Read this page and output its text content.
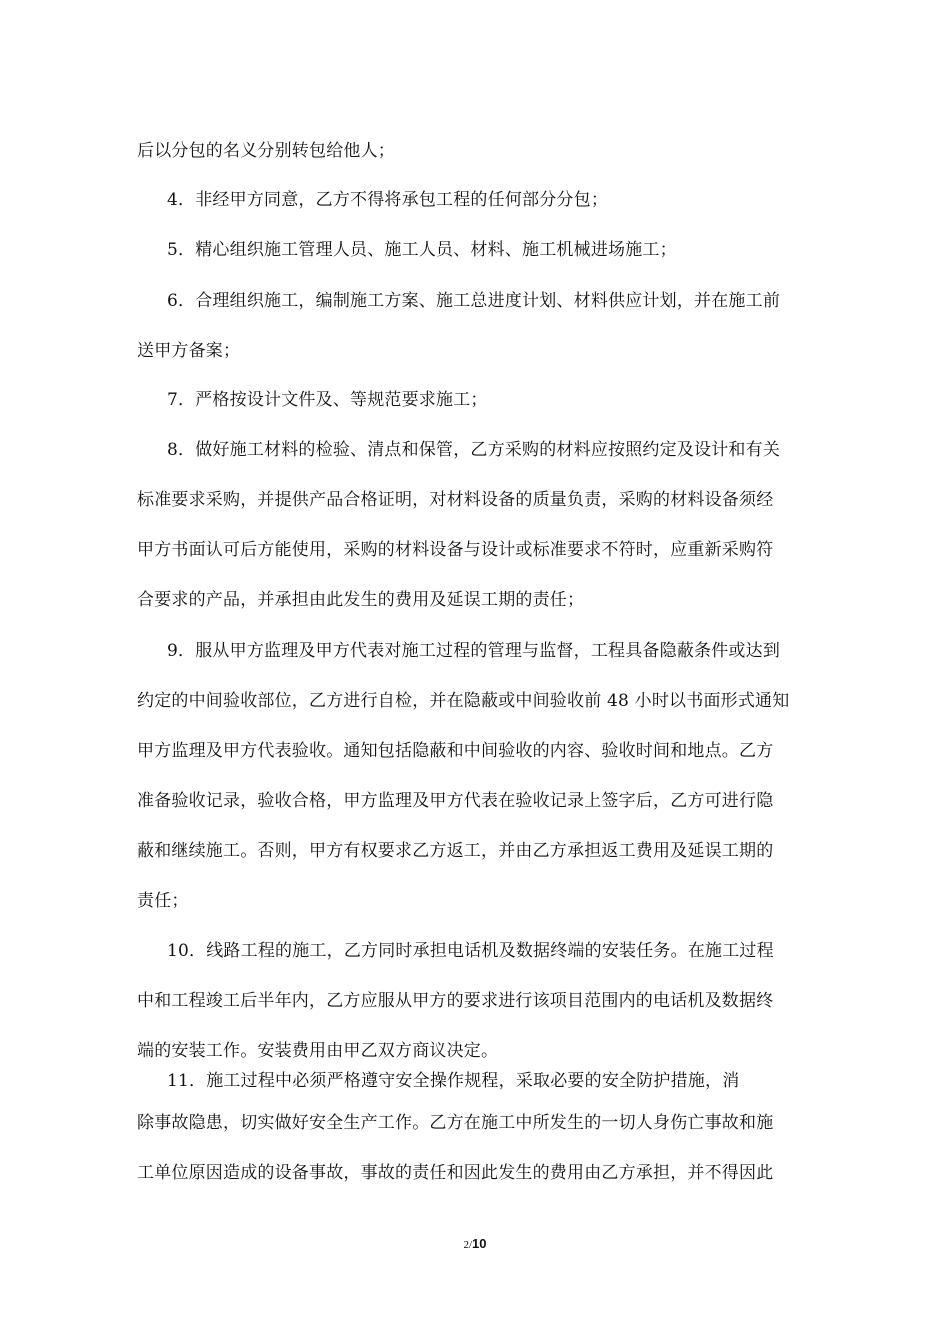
后以分包的名义分别转包给他人；

4．非经甲方同意，乙方不得将承包工程的任何部分分包；

5．精心组织施工管理人员、施工人员、材料、施工机械进场施工；

6．合理组织施工，编制施工方案、施工总进度计划、材料供应计划，并在施工前

送甲方备案；

7．严格按设计文件及、等规范要求施工；

8．做好施工材料的检验、清点和保管，乙方采购的材料应按照约定及设计和有关

标准要求采购，并提供产品合格证明，对材料设备的质量负责，采购的材料设备须经

甲方书面认可后方能使用，采购的材料设备与设计或标准要求不符时，应重新采购符

合要求的产品，并承担由此发生的费用及延误工期的责任；

9．服从甲方监理及甲方代表对施工过程的管理与监督，工程具备隐蔽条件或达到

约定的中间验收部位，乙方进行自检，并在隐蔽或中间验收前 48 小时以书面形式通知

甲方监理及甲方代表验收。通知包括隐蔽和中间验收的内容、验收时间和地点。乙方

准备验收记录，验收合格，甲方监理及甲方代表在验收记录上签字后，乙方可进行隐

蔽和继续施工。否则，甲方有权要求乙方返工，并由乙方承担返工费用及延误工期的

责任；

10．线路工程的施工，乙方同时承担电话机及数据终端的安装任务。在施工过程

中和工程竣工后半年内，乙方应服从甲方的要求进行该项目范围内的电话机及数据终

端的安装工作。安装费用由甲乙双方商议决定。

11．施工过程中必须严格遵守安全操作规程，采取必要的安全防护措施，消

除事故隐患，切实做好安全生产工作。乙方在施工中所发生的一切人身伤亡事故和施

工单位原因造成的设备事故，事故的责任和因此发生的费用由乙方承担，并不得因此

2/10
